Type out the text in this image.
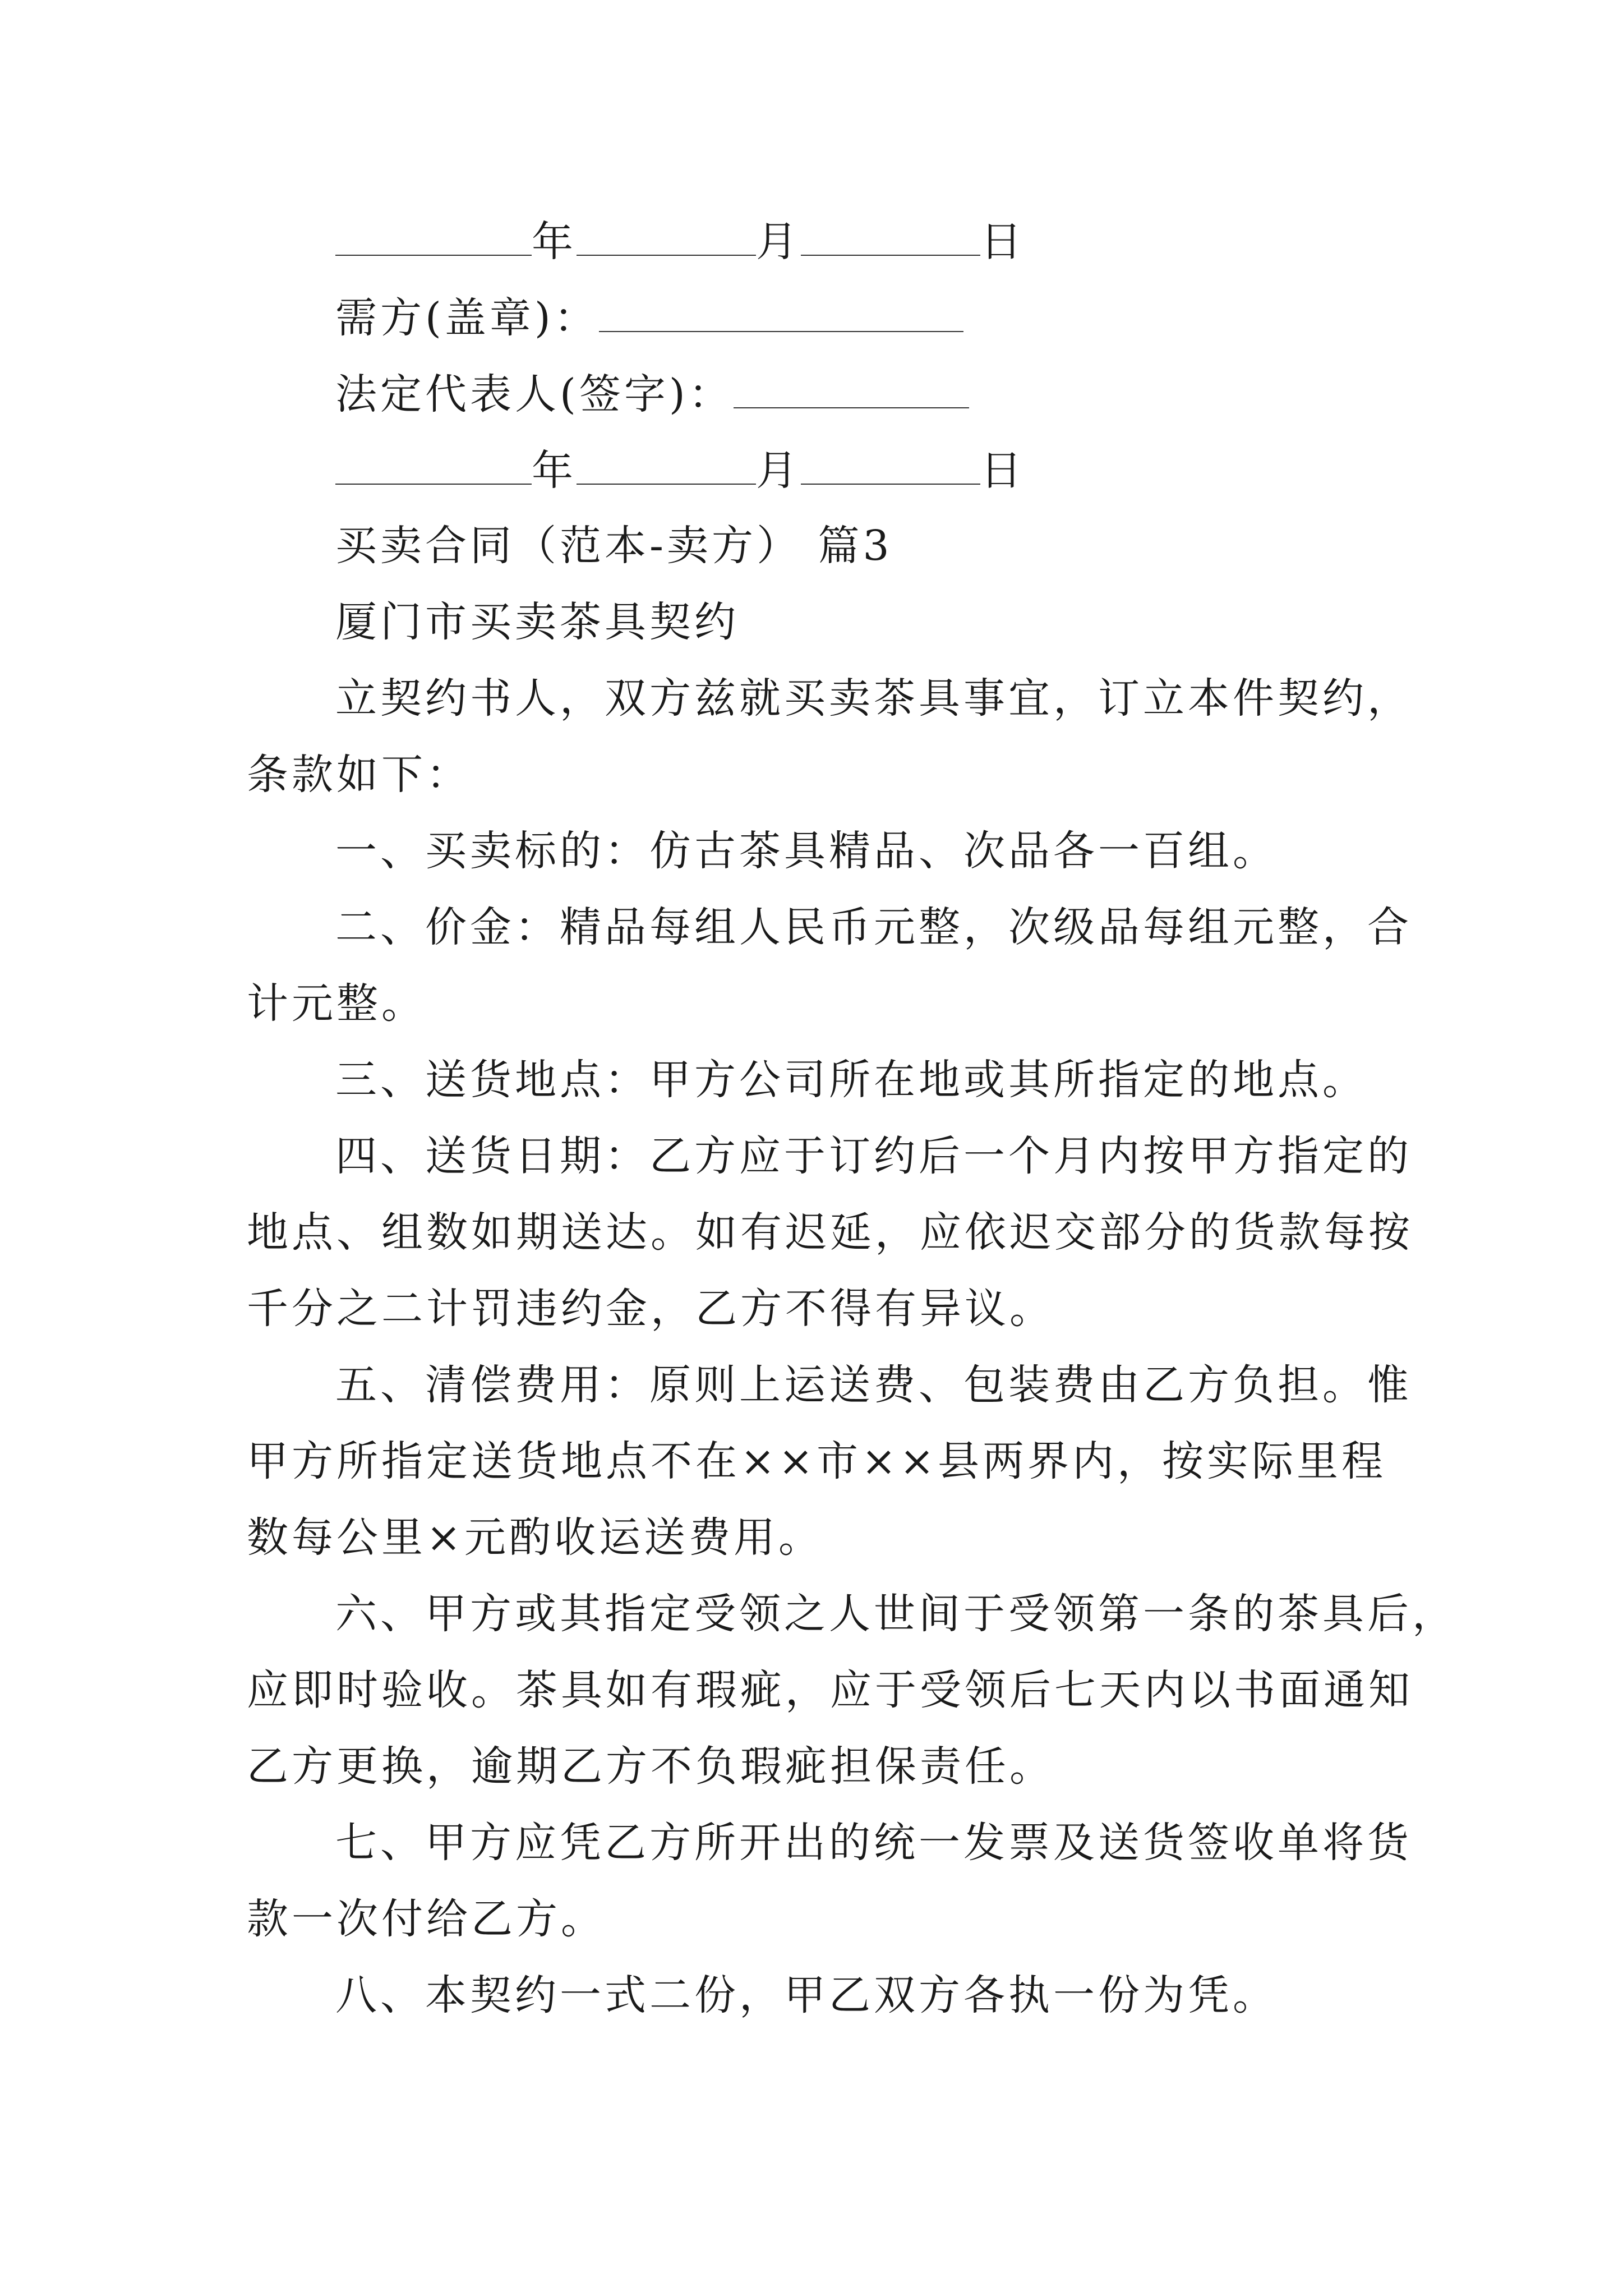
年	月	日
需方(盖章)：
法定代表人(签字)：
年	月	日
买卖合同（范本-卖方） 篇3
厦门市买卖茶具契约
立契约书人，双方兹就买卖茶具事宜，订立本件契约，
条款如下：
一、买卖标的：仿古茶具精品、次品各一百组。
二、价金：精品每组人民币元整，次级品每组元整，合
计元整。
三、送货地点：甲方公司所在地或其所指定的地点。
四、送货日期：乙方应于订约后一个月内按甲方指定的
地点、组数如期送达。如有迟延，应依迟交部分的货款每按
千分之二计罚违约金，乙方不得有异议。
五、清偿费用：原则上运送费、包装费由乙方负担。惟
甲方所指定送货地点不在××市××县两界内，按实际里程
数每公里×元酌收运送费用。
六、甲方或其指定受领之人世间于受领第一条的茶具后，
应即时验收。茶具如有瑕疵，应于受领后七天内以书面通知
乙方更换，逾期乙方不负瑕疵担保责任。
七、甲方应凭乙方所开出的统一发票及送货签收单将货
款一次付给乙方。
八、本契约一式二份，甲乙双方各执一份为凭。
